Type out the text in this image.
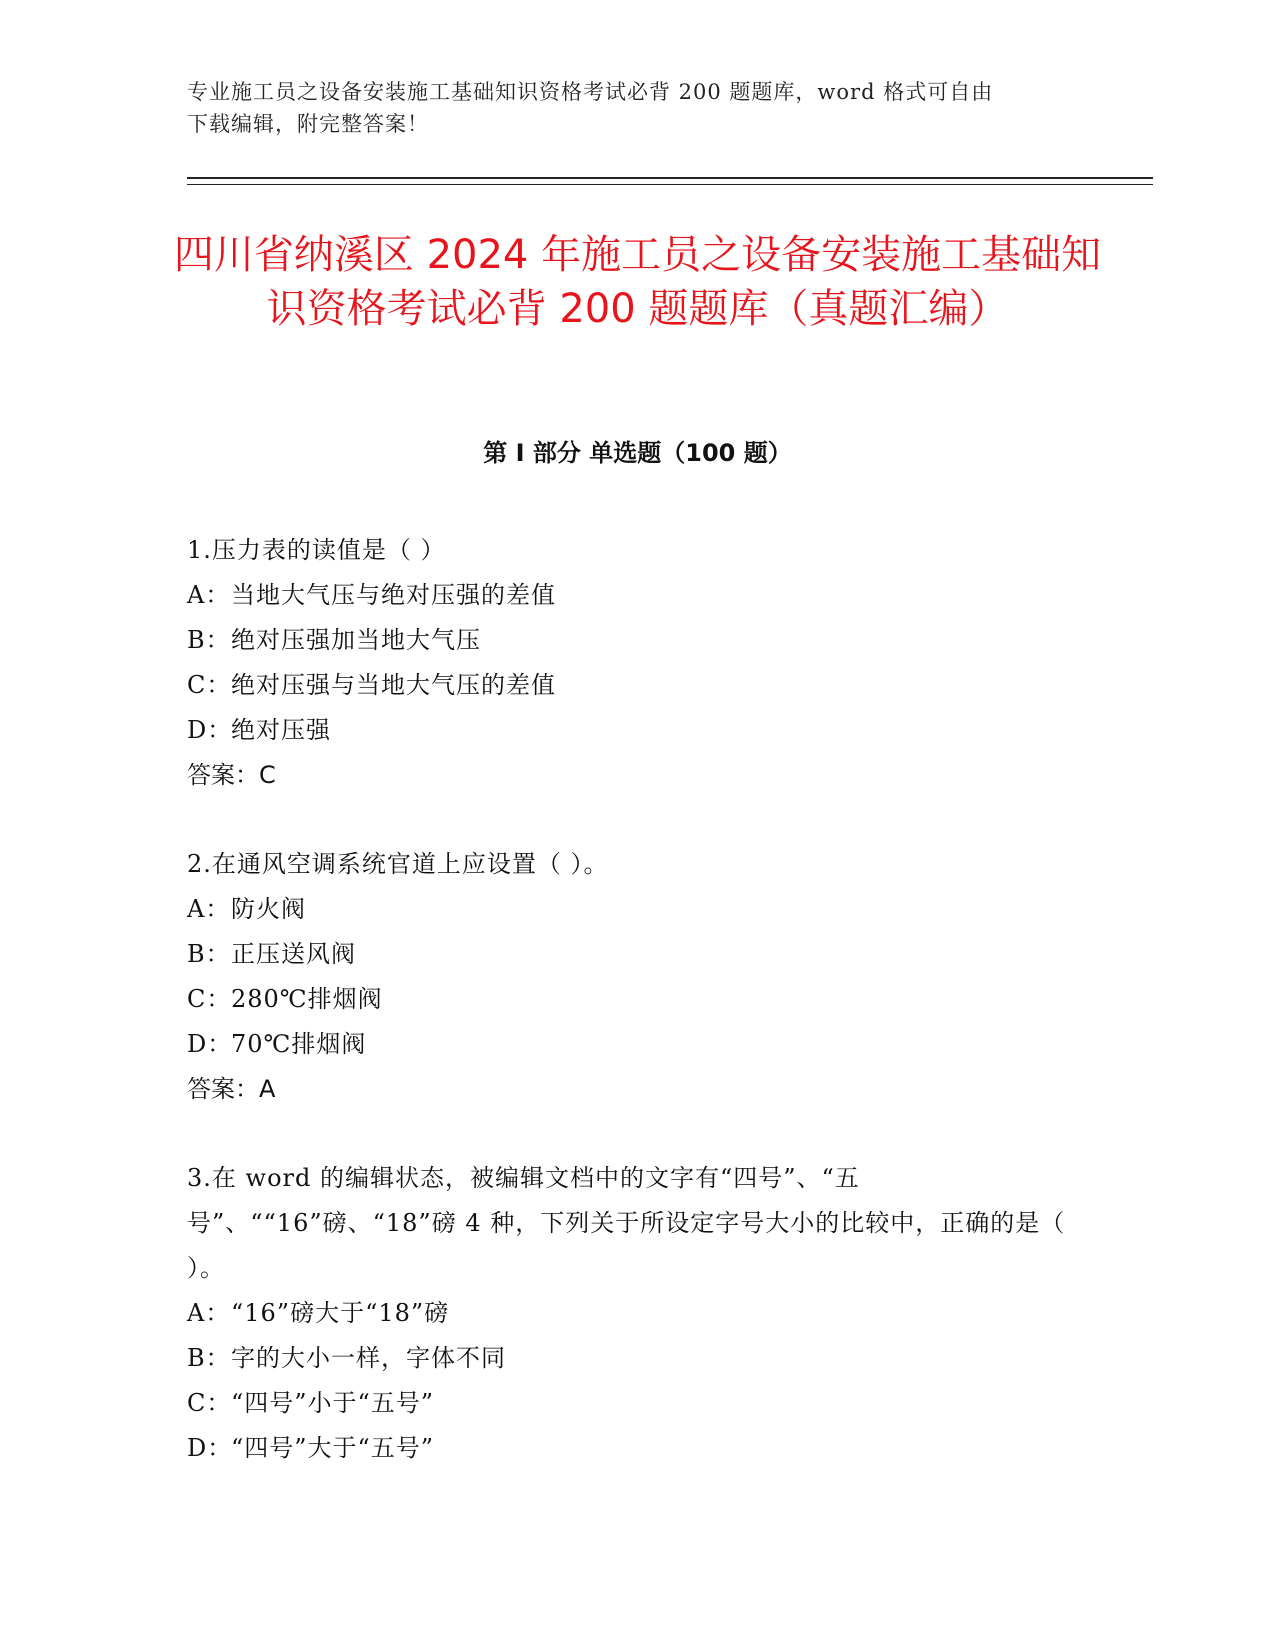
专业施工员之设备安装施工基础知识资格考试必背 200 题题库，word 格式可自由
下载编辑，附完整答案！
四川省纳溪区 2024 年施工员之设备安装施工基础知识资格考试必背 200 题题库（真题汇编）
第 I 部分 单选题（100 题）
1.压力表的读值是（ ）
A： 当地大气压与绝对压强的差值
B： 绝对压强加当地大气压
C： 绝对压强与当地大气压的差值
D：
绝对压强
答案：C
2.在通风空调系统官道上应设置（ ）。
A： 防火阀
B： 正压送风阀
C： 280℃排烟阀
D：
70℃排烟阀
答案：A
3.在 word 的编辑状态，被编辑文档中的文字有“四号”、“五号”、““16”磅、“18”磅 4 种，下列关于所设定字号大小的比较中，正确的是（ ）。
A： “16”磅大于“18”磅
B： 字的大小一样，字体不同
C： “四号”小于“五号”
D：
“四号”大于“五号”
